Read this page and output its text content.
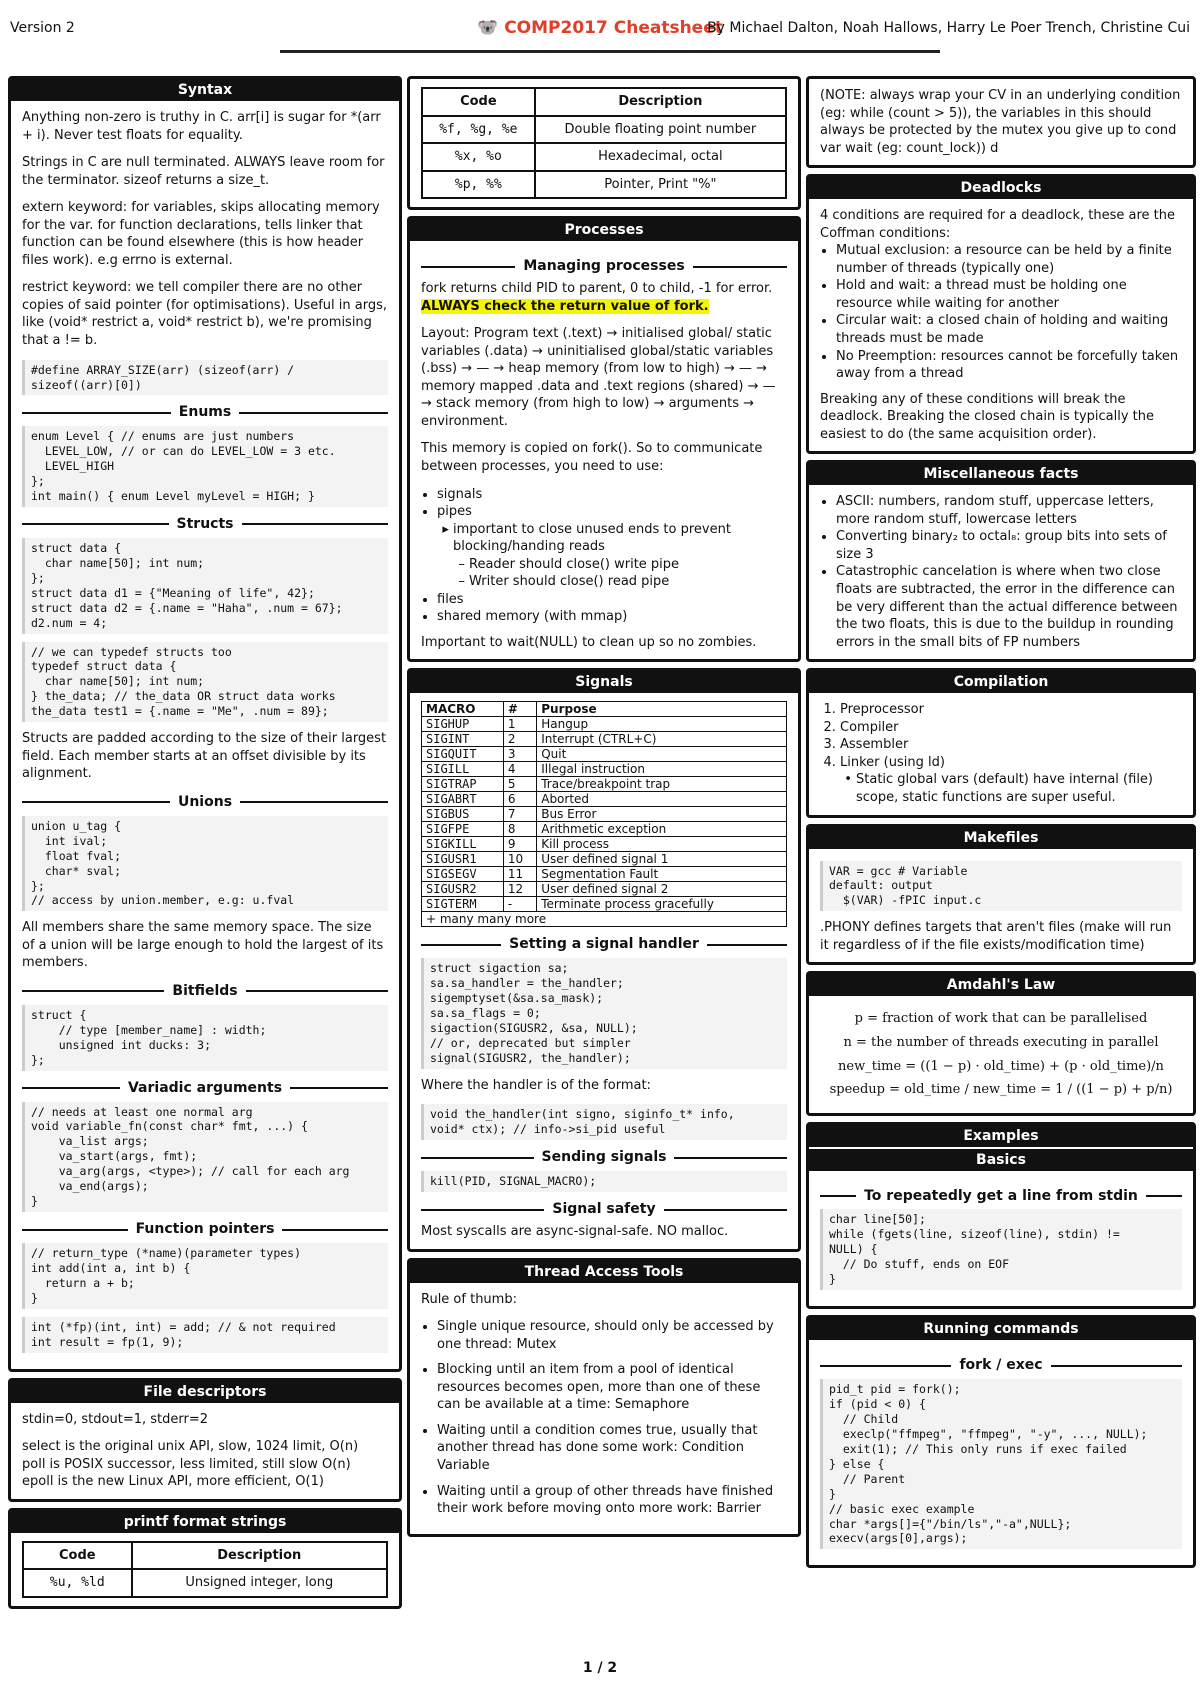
Version 2	🐨 COMP2017 Cheatsheet
By Michael Dalton, Noah Hallows, Harry Le Poer Trench, Christine Cui
Syntax

Anything non-zero is truthy in C. arr[i] is sugar for *(arr + i). Never test floats for equality.

Strings in C are null terminated. ALWAYS leave room for the terminator. sizeof returns a size_t.

extern keyword: for variables, skips allocating memory for the var. for function declarations, tells linker that function can be found elsewhere (this is how header files work). e.g errno is external.

restrict keyword: we tell compiler there are no other copies of said pointer (for optimisations). Useful in args, like (void* restrict a, void* restrict b), we're promising that a != b.

#define ARRAY_SIZE(arr) (sizeof(arr) /
sizeof((arr)[0])
Enums
enum Level { // enums are just numbers
LEVEL_LOW, // or can do LEVEL_LOW = 3 etc.
LEVEL_HIGH
};
int main() { enum Level myLevel = HIGH; }
Structs
struct data {
char name[50]; int num;
};
struct data d1 = {"Meaning of life", 42};
struct data d2 = {.name = "Haha", .num = 67};
d2.num = 4;
// we can typedef structs too
typedef struct data {
char name[50]; int num;
} the_data; // the_data OR struct data works
the_data test1 = {.name = "Me", .num = 89};

Structs are padded according to the size of their largest field. Each member starts at an offset divisible by its alignment.

Unions
union u_tag {
int ival;
float fval;
char* sval;
};
// access by union.member, e.g: u.fval

All members share the same memory space. The size of a union will be large enough to hold the largest of its members.

Bitfields
struct {
// type [member_name] : width;
unsigned int ducks: 3;
};
Variadic arguments
// needs at least one normal arg
void variable_fn(const char* fmt, ...) {
va_list args;
va_start(args, fmt);
va_arg(args, <type>); // call for each arg
va_end(args);
}
Function pointers
// return_type (*name)(parameter types)
int add(int a, int b) {
return a + b;
}
int (*fp)(int, int) = add; // & not required
int result = fp(1, 9);
File descriptors

stdin=0, stdout=1, stderr=2

select is the original unix API, slow, 1024 limit, O(n)
poll is POSIX successor, less limited, still slow O(n)
epoll is the new Linux API, more efficient, O(1)
printf format strings
Code	Description
%u, %ld	Unsigned integer, long
Code	Description
%f, %g, %e	Double floating point number
%x, %o	Hexadecimal, octal
%p, %%	Pointer, Print "%"
Processes
Managing processes

fork returns child PID to parent, 0 to child, -1 for error. ALWAYS check the return value of fork.

Layout: Program text (.text) → initialised global/ static variables (.data) → uninitialised global/static variables (.bss) → — → heap memory (from low to high) → — → memory mapped .data and .text regions (shared) → — → stack memory (from high to low) → arguments → environment.

This memory is copied on fork(). So to communicate between processes, you need to use:

• signals
• pipes
▸ important to close unused ends to prevent blocking/handing reads
– Reader should close() write pipe
– Writer should close() read pipe
• files
• shared memory (with mmap)

Important to wait(NULL) to clean up so no zombies.

Signals
MACRO	#	Purpose
SIGHUP	1	Hangup
SIGINT	2	Interrupt (CTRL+C)
SIGQUIT	3	Quit
SIGILL	4	Illegal instruction
SIGTRAP	5	Trace/breakpoint trap
SIGABRT	6	Aborted
SIGBUS	7	Bus Error
SIGFPE	8	Arithmetic exception
SIGKILL	9	Kill process
SIGUSR1	10	User defined signal 1
SIGSEGV	11	Segmentation Fault
SIGUSR2	12	User defined signal 2
SIGTERM	-	Terminate process gracefully
+ many many more		
Setting a signal handler
struct sigaction sa;
sa.sa_handler = the_handler;
sigemptyset(&sa.sa_mask);
sa.sa_flags = 0;
sigaction(SIGUSR2, &sa, NULL);
// or, deprecated but simpler
signal(SIGUSR2, the_handler);

Where the handler is of the format:

void the_handler(int signo, siginfo_t* info,
void* ctx); // info->si_pid useful
Sending signals
kill(PID, SIGNAL_MACRO);
Signal safety

Most syscalls are async-signal-safe. NO malloc.

Thread Access Tools

Rule of thumb:

• Single unique resource, should only be accessed by one thread: Mutex
• Blocking until an item from a pool of identical resources becomes open, more than one of these can be available at a time: Semaphore
• Waiting until a condition comes true, usually that another thread has done some work: Condition Variable
• Waiting until a group of other threads have finished their work before moving onto more work: Barrier

(NOTE: always wrap your CV in an underlying condition (eg: while (count > 5)), the variables in this should always be protected by the mutex you give up to cond var wait (eg: count_lock)) d

Deadlocks
4 conditions are required for a deadlock, these are the Coffman conditions:
• Mutual exclusion: a resource can be held by a finite number of threads (typically one)
• Hold and wait: a thread must be holding one resource while waiting for another
• Circular wait: a closed chain of holding and waiting threads must be made
• No Preemption: resources cannot be forcefully taken away from a thread

Breaking any of these conditions will break the deadlock. Breaking the closed chain is typically the easiest to do (the same acquisition order).

Miscellaneous facts
• ASCII: numbers, random stuff, uppercase letters, more random stuff, lowercase letters
• Converting binary₂ to octal₈: group bits into sets of size 3
• Catastrophic cancelation is where when two close floats are subtracted, the error in the difference can be very different than the actual difference between the two floats, this is due to the buildup in rounding errors in the small bits of FP numbers
Compilation
1. Preprocessor
2. Compiler
3. Assembler
4. Linker (using ld)
• Static global vars (default) have internal (file) scope, static functions are super useful.
Makefiles
VAR = gcc # Variable
default: output
$(VAR) -fPIC input.c

.PHONY defines targets that aren't files (make will run it regardless of if the file exists/modification time)

Amdahl's Law
p = fraction of work that can be parallelised
n = the number of threads executing in parallel
new_time = ((1 − p) · old_time) + (p · old_time)/n
speedup = old_time / new_time = 1 / ((1 − p) + p/n)
Examples
Basics
To repeatedly get a line from stdin
char line[50];
while (fgets(line, sizeof(line), stdin) !=
NULL) {
// Do stuff, ends on EOF
}
Running commands
fork / exec
pid_t pid = fork();
if (pid < 0) {
// Child
execlp("ffmpeg", "ffmpeg", "-y", ..., NULL);
exit(1); // This only runs if exec failed
} else {
// Parent
}
// basic exec example
char *args[]={"/bin/ls","-a",NULL};
execv(args[0],args);
1 / 2
